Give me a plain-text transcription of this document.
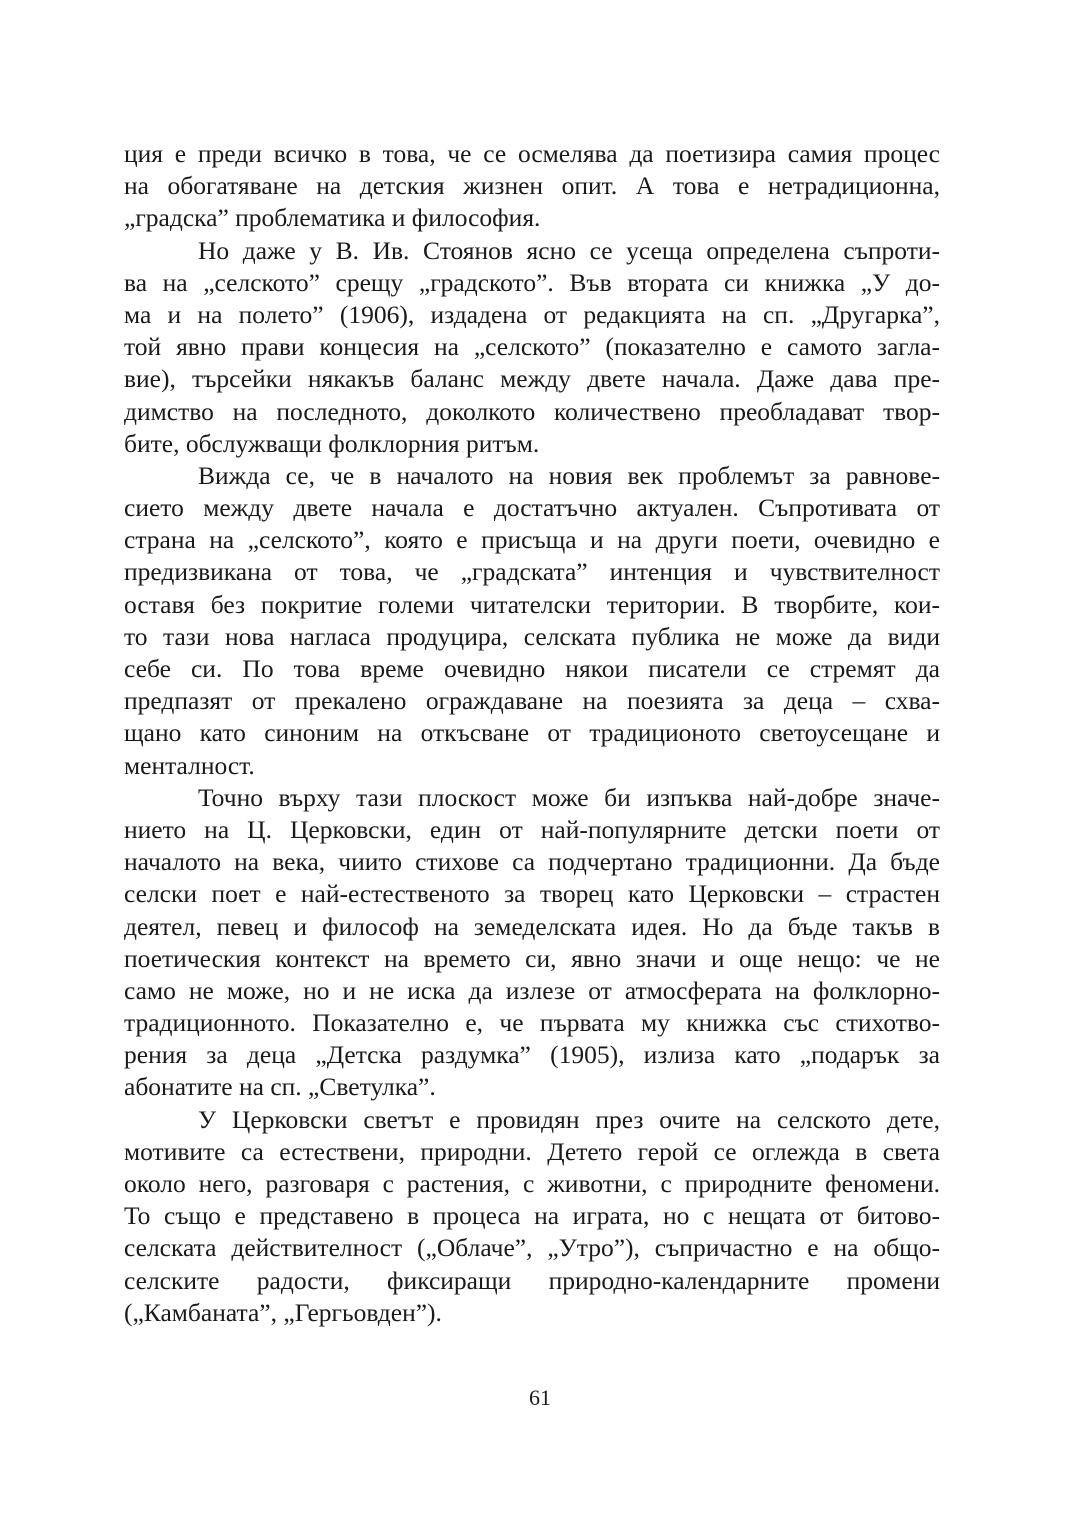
ция е преди всичко в това, че се осмелява да поетизира самия процес
на обогатяване на детския жизнен опит. А това е нетрадиционна,
„градска” проблематика и философия.
Но даже у В. Ив. Стоянов ясно се усеща определена съпроти-
ва на „селското” срещу „градското”. Във втората си книжка „У до-
ма и на полето” (1906), издадена от редакцията на сп. „Другарка”,
той явно прави концесия на „селското” (показателно е самото загла-
вие), търсейки някакъв баланс между двете начала. Даже дава пре-
димство на последното, доколкото количествено преобладават твор-
бите, обслужващи фолклорния ритъм.
Вижда се, че в началото на новия век проблемът за равнове-
сието между двете начала е достатъчно актуален. Съпротивата от
страна на „селското”, която е присъща и на други поети, очевидно е
предизвикана от това, че „градската” интенция и чувствителност
оставя без покритие големи читателски територии. В творбите, кои-
то тази нова нагласа продуцира, селската публика не може да види
себе си. По това време очевидно някои писатели се стремят да
предпазят от прекалено ограждаване на поезията за деца – схва-
щано като синоним на откъсване от традиционото светоусещане и
менталност.
Точно върху тази плоскост може би изпъква най-добре значе-
нието на Ц. Церковски, един от най-популярните детски поети от
началото на века, чиито стихове са подчертано традиционни. Да бъде
селски поет е най-естественото за творец като Церковски – страстен
деятел, певец и философ на земеделската идея. Но да бъде такъв в
поетическия контекст на времето си, явно значи и още нещо: че не
само не може, но и не иска да излезе от атмосферата на фолклорно-
традиционното. Показателно е, че първата му книжка със стихотво-
рения за деца „Детска раздумка” (1905), излиза като „подарък за
абонатите на сп. „Светулка”.
У Церковски светът е провидян през очите на селското дете,
мотивите са естествени, природни. Детето герой се оглежда в света
около него, разговаря с растения, с животни, с природните феномени.
То също е представено в процеса на играта, но с нещата от битово-
селската действителност („Облаче”, „Утро”), съпричастно е на общо-
селските радости, фиксиращи природно-календарните промени
(„Камбаната”, „Гергьовден”).
61
